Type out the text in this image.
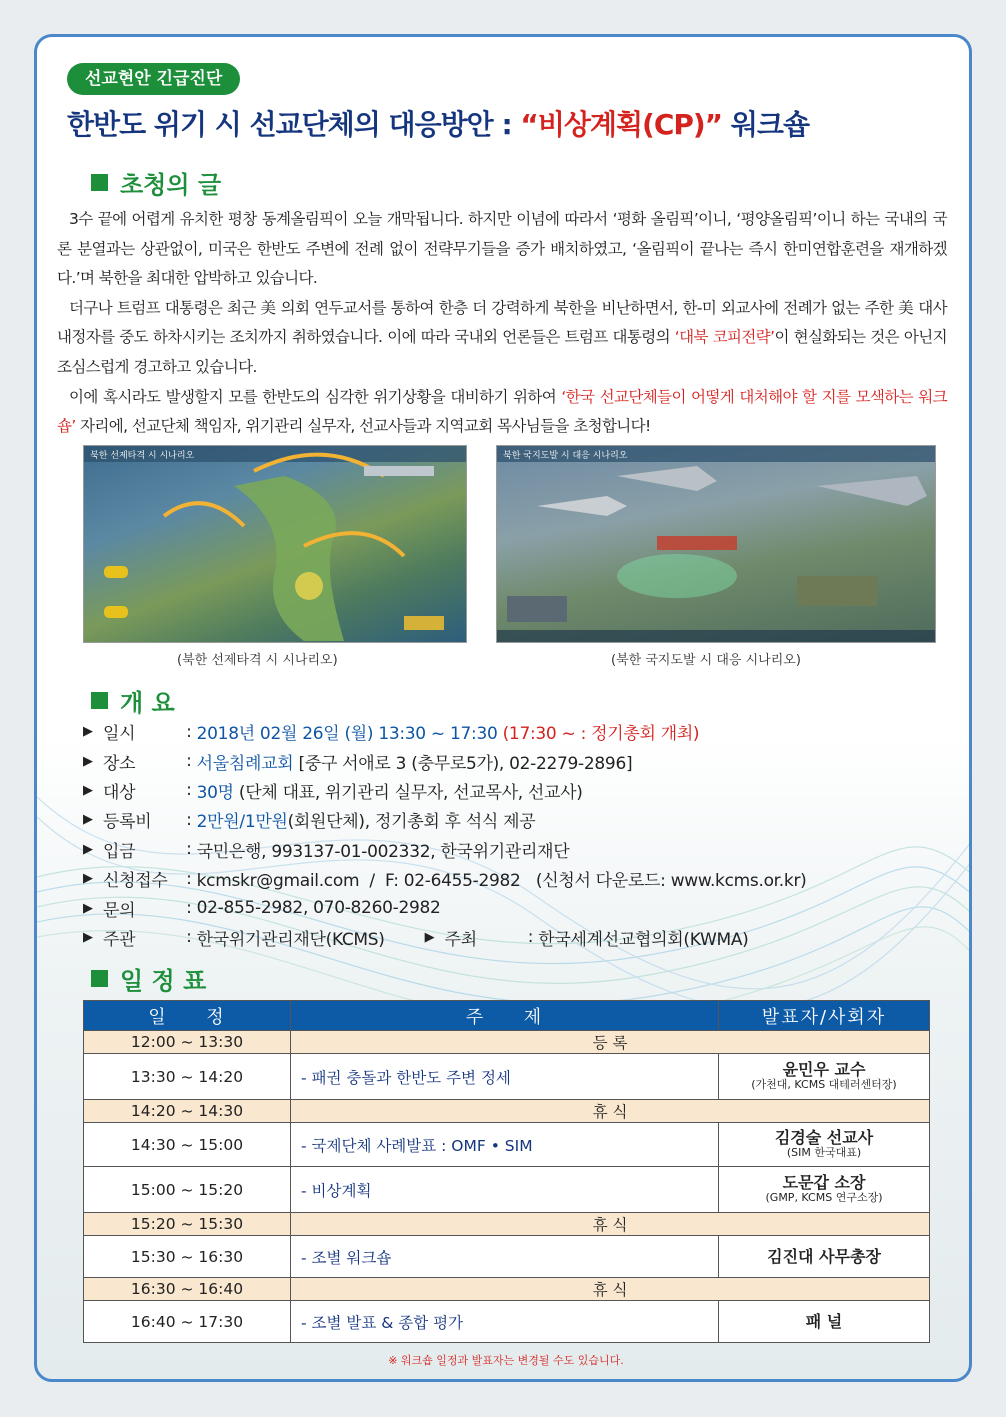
선교현안 긴급진단
한반도 위기 시 선교단체의 대응방안 : “비상계획(CP)” 워크숍
초청의 글

3수 끝에 어렵게 유치한 평창 동계올림픽이 오늘 개막됩니다. 하지만 이념에 따라서 ‘평화 올림픽’이니, ‘평양올림픽’이니 하는 국내의 국론 분열과는 상관없이, 미국은 한반도 주변에 전례 없이 전략무기들을 증가 배치하였고, ‘올림픽이 끝나는 즉시 한미연합훈련을 재개하겠다.’며 북한을 최대한 압박하고 있습니다.

더구나 트럼프 대통령은 최근 美 의회 연두교서를 통하여 한층 더 강력하게 북한을 비난하면서, 한-미 외교사에 전례가 없는 주한 美 대사 내정자를 중도 하차시키는 조치까지 취하였습니다. 이에 따라 국내외 언론들은 트럼프 대통령의 ‘대북 코피전략’이 현실화되는 것은 아닌지 조심스럽게 경고하고 있습니다.

이에 혹시라도 발생할지 모를 한반도의 심각한 위기상황을 대비하기 위하여 ‘한국 선교단체들이 어떻게 대처해야 할 지를 모색하는 워크숍’ 자리에, 선교단체 책임자, 위기관리 실무자, 선교사들과 지역교회 목사님들을 초청합니다!

북한 선제타격 시 시나리오	북한 국지도발 시 대응 시나리오
(북한 선제타격 시 시나리오)	(북한 국지도발 시 대응 시나리오)
개 요
▶ 일시	: 2018년 02월 26일 (월) 13:30 ~ 17:30
(17:30 ~ : 정기총회 개최)
▶ 장소	: 서울침례교회
[중구 서애로 3 (충무로5가), 02-2279-2896]
▶ 대상	: 30명
(단체 대표, 위기관리 실무자, 선교목사, 선교사)
▶ 등록비	: 2만원/1만원 (회원단체), 정기총회 후 석식 제공
▶ 입금	: 국민은행, 993137-01-002332, 한국위기관리재단
▶ 신청접수 : kcmskr@gmail.com  /  F: 02-6455-2982   (신청서 다운로드: www.kcms.or.kr)
▶ 문의	: 02-855-2982, 070-8260-2982
▶ 주관	: 한국위기관리재단(KCMS)	▶ 주최	: 한국세계선교협의회(KWMA)
일 정 표
일     정	주     제	발표자/사회자
12:00 ~ 13:30	등 록	
13:30 ~ 14:20	- 패권 충돌과 한반도 주변 정세	윤민우 교수
(가천대, KCMS 대테러센터장)

14:20 ~ 14:30	휴 식	
14:30 ~ 15:00	- 국제단체 사례발표 : OMF • SIM	김경술 선교사
(SIM 한국대표)

15:00 ~ 15:20	- 비상계획	도문갑 소장
(GMP, KCMS 연구소장)

15:20 ~ 15:30	휴 식	
15:30 ~ 16:30	- 조별 워크숍	김진대 사무총장

16:30 ~ 16:40	휴 식	
16:40 ~ 17:30	- 조별 발표 & 종합 평가	패 널
※ 워크숍 일정과 발표자는 변경될 수도 있습니다.
